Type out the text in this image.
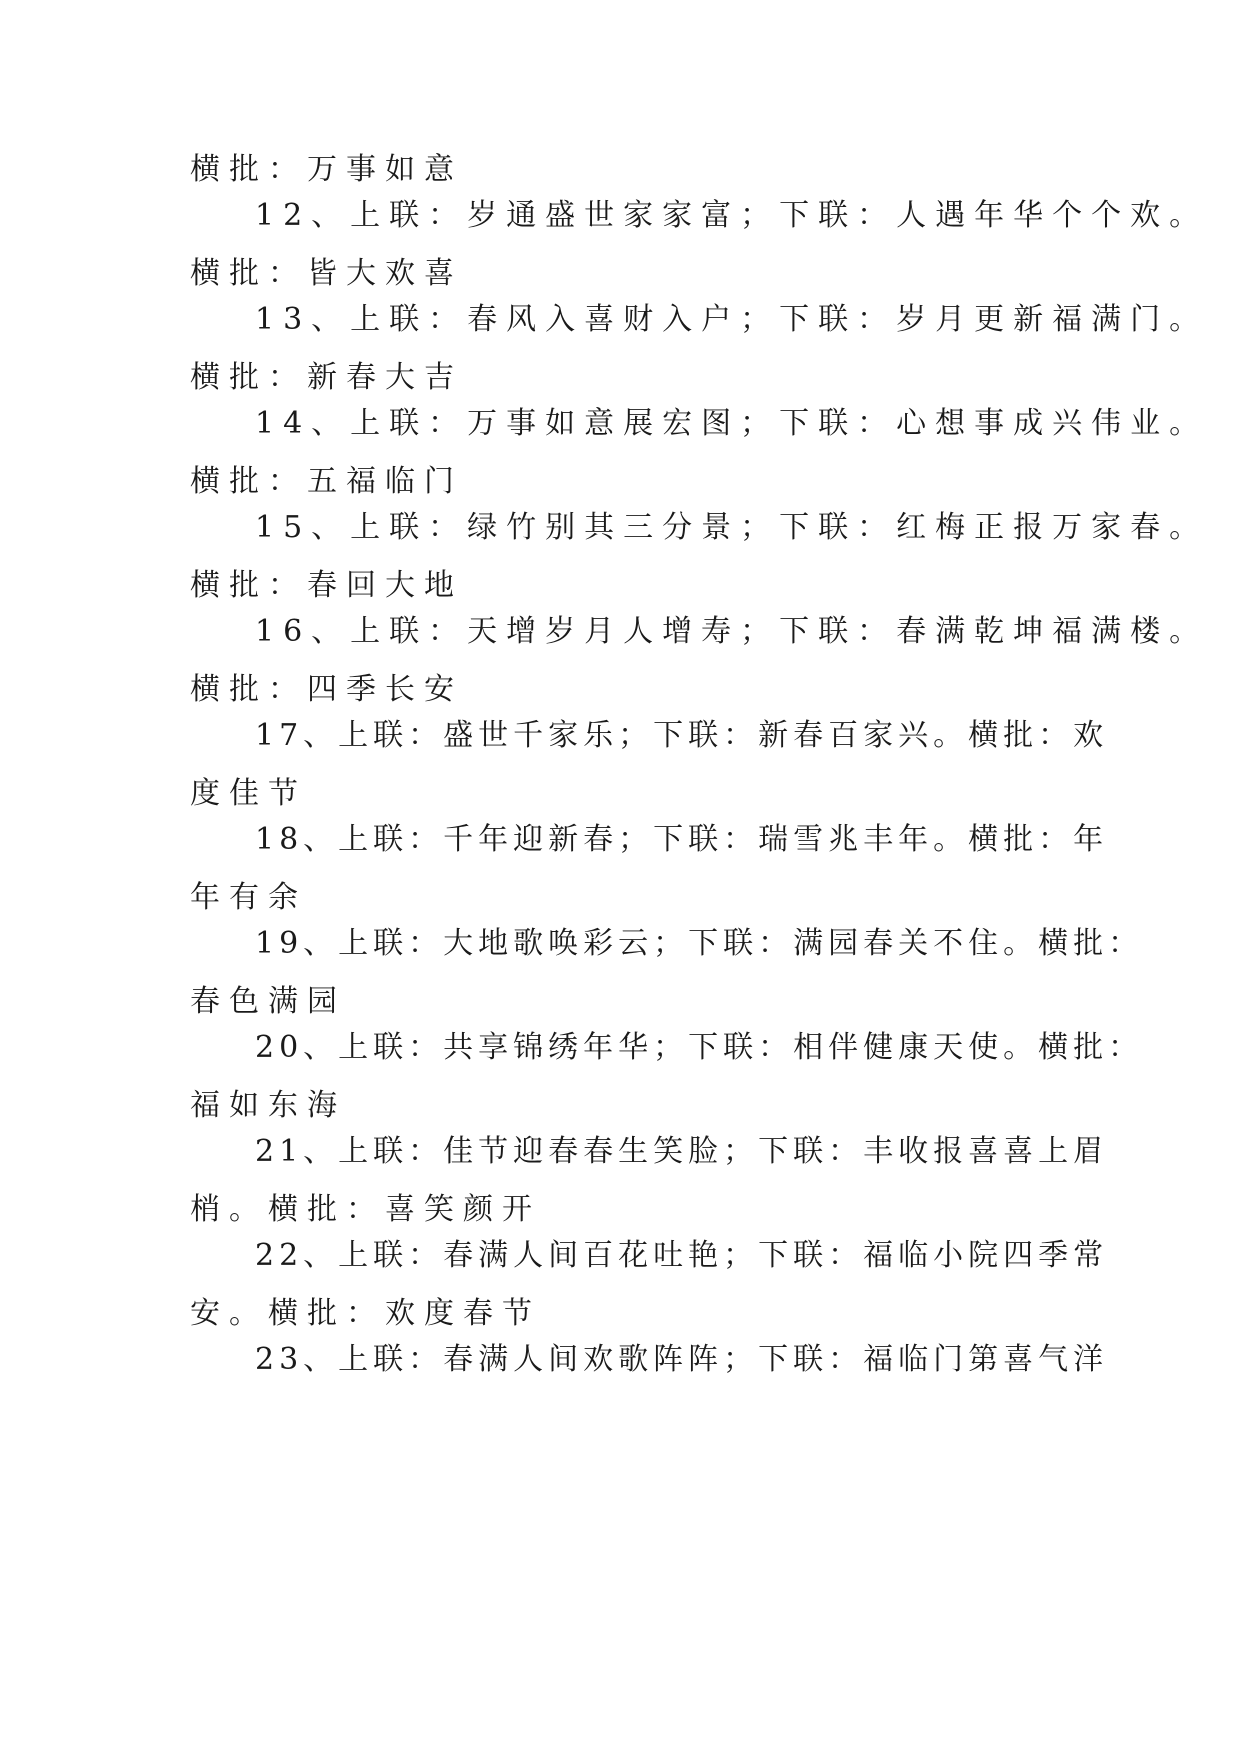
横批：万事如意
12、上联：岁通盛世家家富；下联：人遇年华个个欢。
横批：皆大欢喜
13、上联：春风入喜财入户；下联：岁月更新福满门。
横批：新春大吉
14、上联：万事如意展宏图；下联：心想事成兴伟业。
横批：五福临门
15、上联：绿竹别其三分景；下联：红梅正报万家春。
横批：春回大地
16、上联：天增岁月人增寿；下联：春满乾坤福满楼。
横批：四季长安
17、上联：盛世千家乐；下联：新春百家兴。横批：欢
度佳节
18、上联：千年迎新春；下联：瑞雪兆丰年。横批：年
年有余
19、上联：大地歌唤彩云；下联：满园春关不住。横批：
春色满园
20、上联：共享锦绣年华；下联：相伴健康天使。横批：
福如东海
21、上联：佳节迎春春生笑脸；下联：丰收报喜喜上眉
梢。横批：喜笑颜开
22、上联：春满人间百花吐艳；下联：福临小院四季常
安。横批：欢度春节
23、上联：春满人间欢歌阵阵；下联：福临门第喜气洋
